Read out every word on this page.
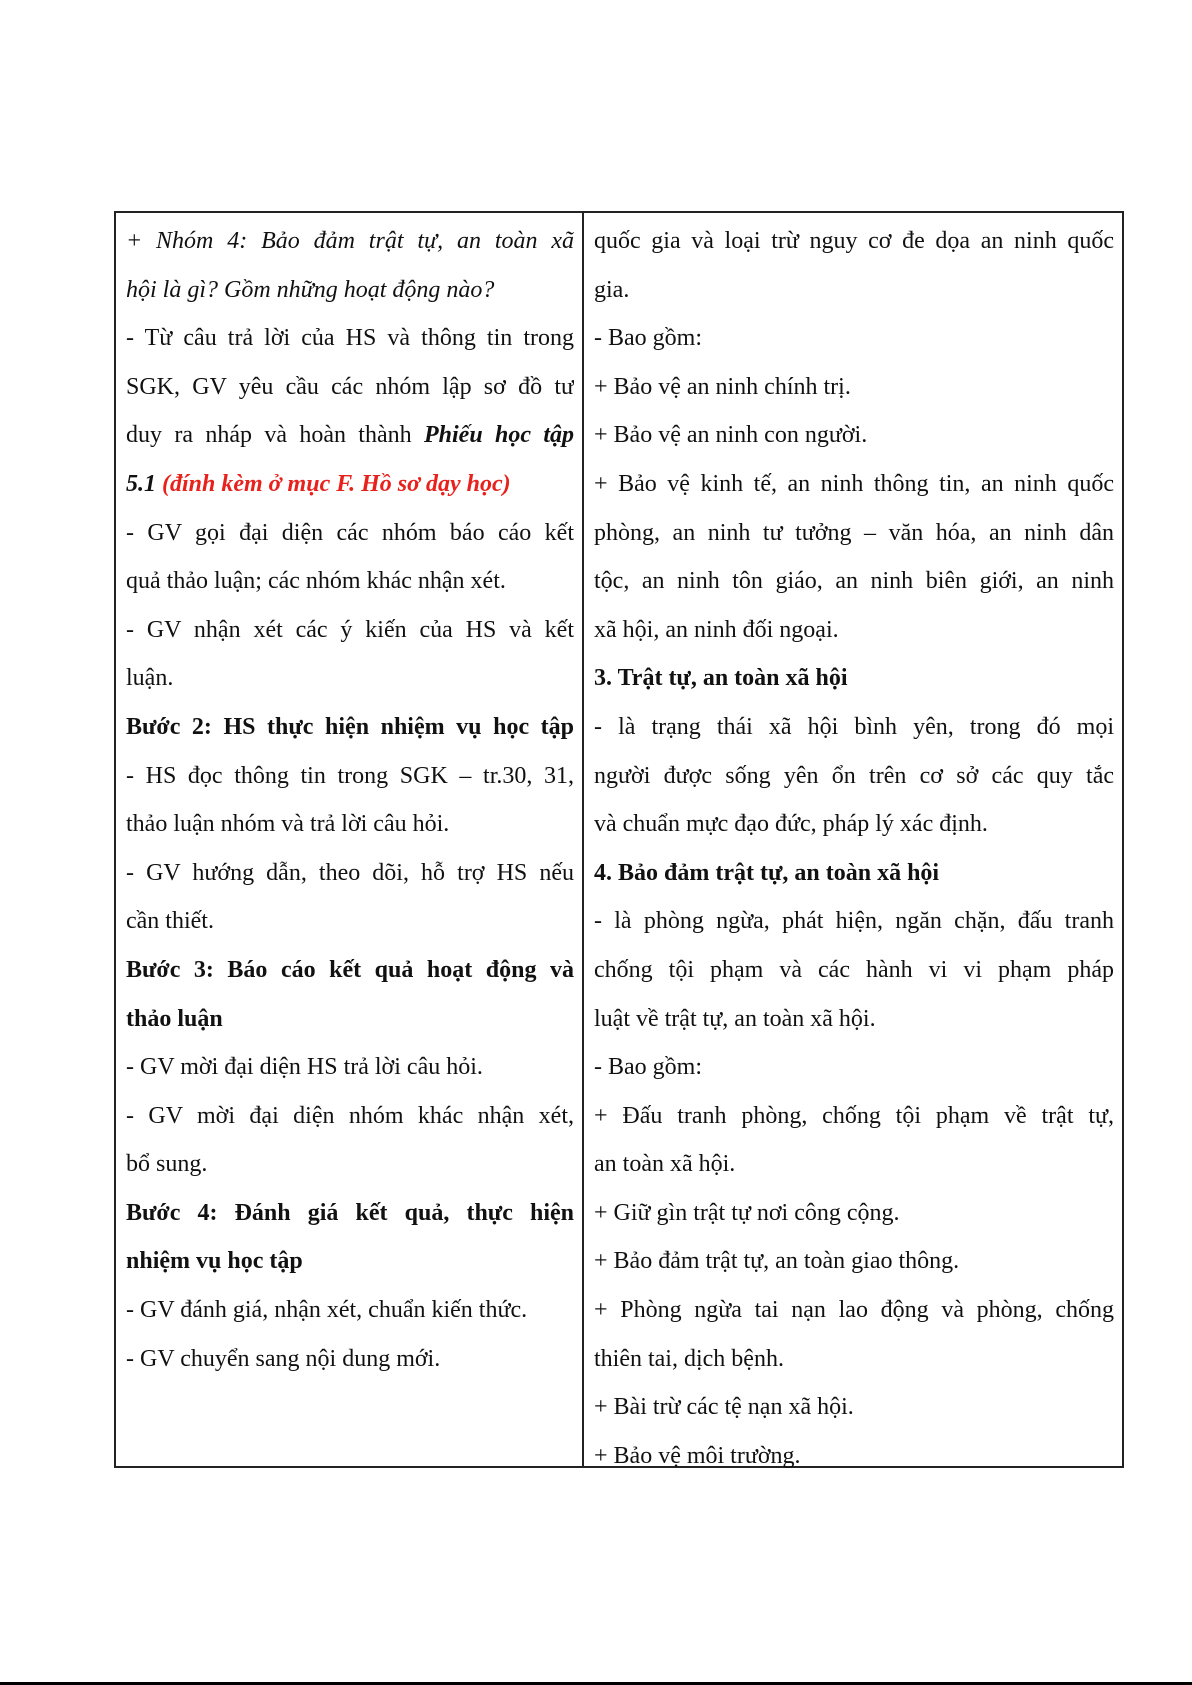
+ Nhóm 4: Bảo đảm trật tự, an toàn xã
hội là gì? Gồm những hoạt động nào?
- Từ câu trả lời của HS và thông tin trong
SGK, GV yêu cầu các nhóm lập sơ đồ tư
duy ra nháp và hoàn thành Phiếu học tập
5.1 (đính kèm ở mục F. Hồ sơ dạy học)
- GV gọi đại diện các nhóm báo cáo kết
quả thảo luận; các nhóm khác nhận xét.
- GV nhận xét các ý kiến của HS và kết
luận.
Bước 2: HS thực hiện nhiệm vụ học tập
- HS đọc thông tin trong SGK – tr.30, 31,
thảo luận nhóm và trả lời câu hỏi.
- GV hướng dẫn, theo dõi, hỗ trợ HS nếu
cần thiết.
Bước 3: Báo cáo kết quả hoạt động và
thảo luận
- GV mời đại diện HS trả lời câu hỏi.
- GV mời đại diện nhóm khác nhận xét,
bổ sung.
Bước 4: Đánh giá kết quả, thực hiện
nhiệm vụ học tập
- GV đánh giá, nhận xét, chuẩn kiến thức.
- GV chuyển sang nội dung mới.
quốc gia và loại trừ nguy cơ đe dọa an ninh quốc
gia.
- Bao gồm:
+ Bảo vệ an ninh chính trị.
+ Bảo vệ an ninh con người.
+ Bảo vệ kinh tế, an ninh thông tin, an ninh quốc
phòng, an ninh tư tưởng – văn hóa, an ninh dân
tộc, an ninh tôn giáo, an ninh biên giới, an ninh
xã hội, an ninh đối ngoại.
3. Trật tự, an toàn xã hội
- là trạng thái xã hội bình yên, trong đó mọi
người được sống yên ổn trên cơ sở các quy tắc
và chuẩn mực đạo đức, pháp lý xác định.
4. Bảo đảm trật tự, an toàn xã hội
- là phòng ngừa, phát hiện, ngăn chặn, đấu tranh
chống tội phạm và các hành vi vi phạm pháp
luật về trật tự, an toàn xã hội.
- Bao gồm:
+ Đấu tranh phòng, chống tội phạm về trật tự,
an toàn xã hội.
+ Giữ gìn trật tự nơi công cộng.
+ Bảo đảm trật tự, an toàn giao thông.
+ Phòng ngừa tai nạn lao động và phòng, chống
thiên tai, dịch bệnh.
+ Bài trừ các tệ nạn xã hội.
+ Bảo vệ môi trường.
